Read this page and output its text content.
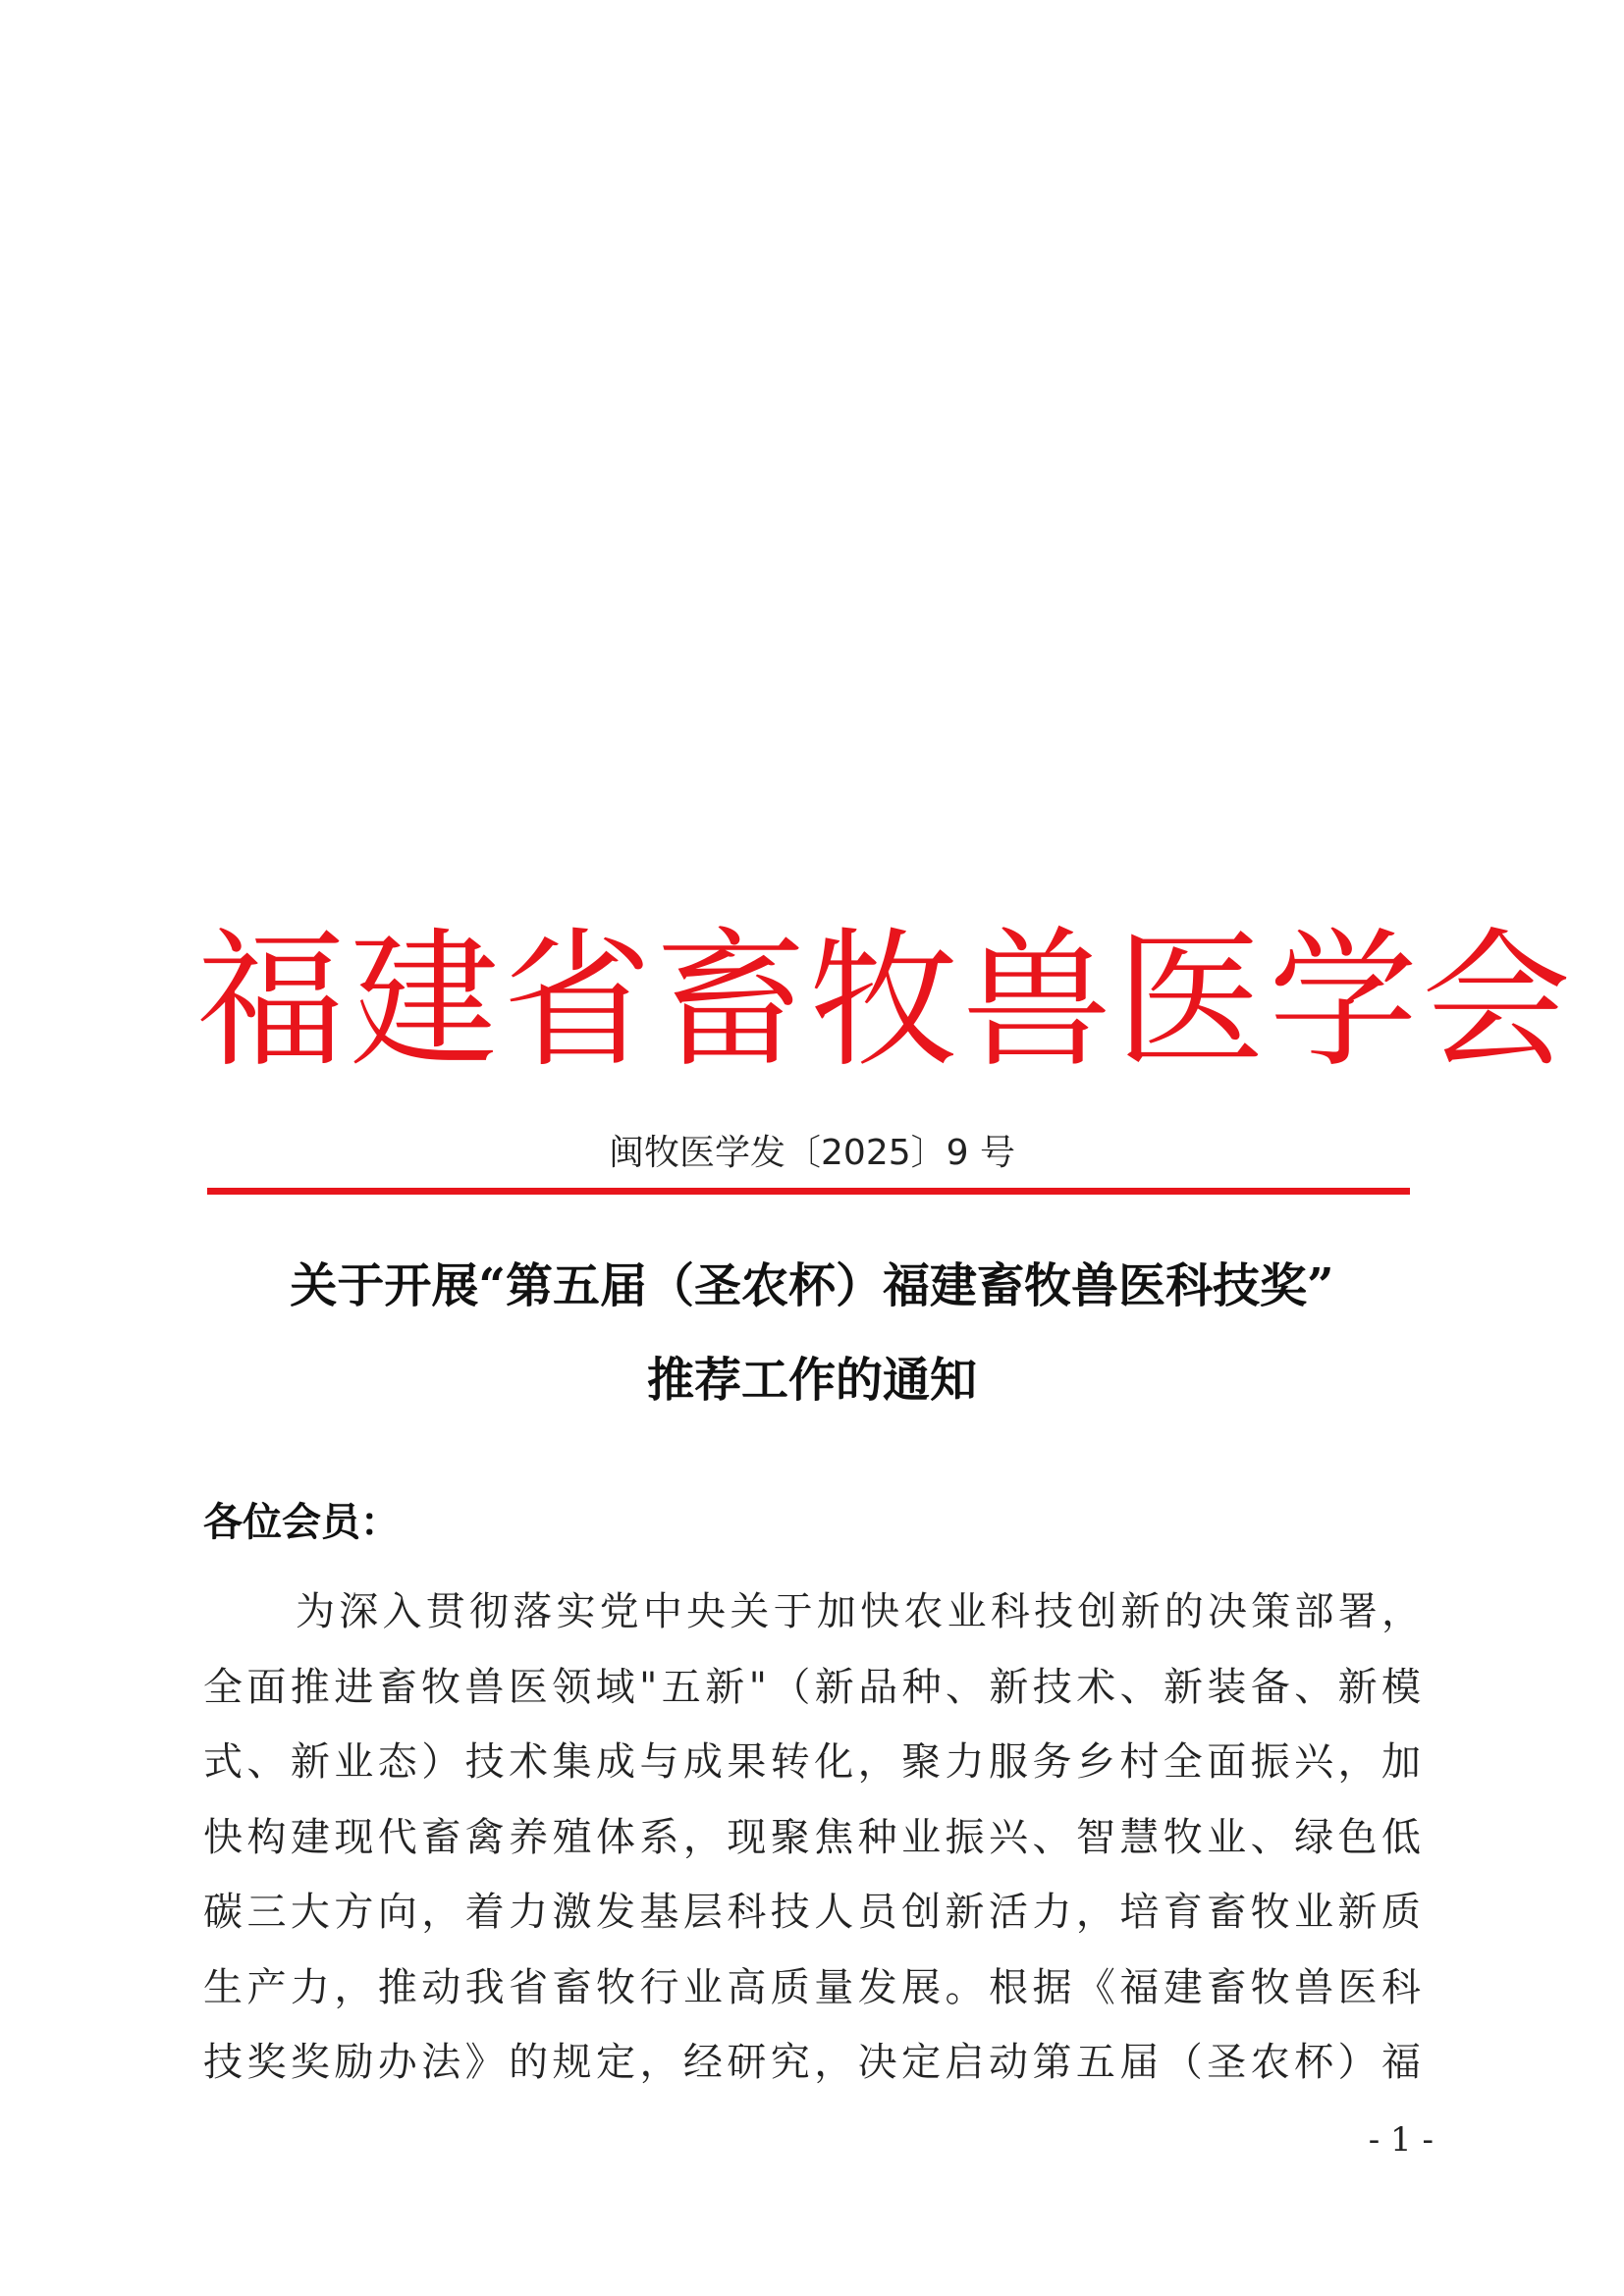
福建省畜牧兽医学会
闽牧医学发〔2025〕9 号
关于开展“第五届（圣农杯）福建畜牧兽医科技奖”
推荐工作的通知
各位会员：
为深入贯彻落实党中央关于加快农业科技创新的决策部署，
全面推进畜牧兽医领域"五新"（新品种、新技术、新装备、新模
式、新业态）技术集成与成果转化，聚力服务乡村全面振兴，加
快构建现代畜禽养殖体系，现聚焦种业振兴、智慧牧业、绿色低
碳三大方向，着力激发基层科技人员创新活力，培育畜牧业新质
生产力，推动我省畜牧行业高质量发展。根据《福建畜牧兽医科
技奖奖励办法》的规定，经研究，决定启动第五届（圣农杯）福
- 1 -
